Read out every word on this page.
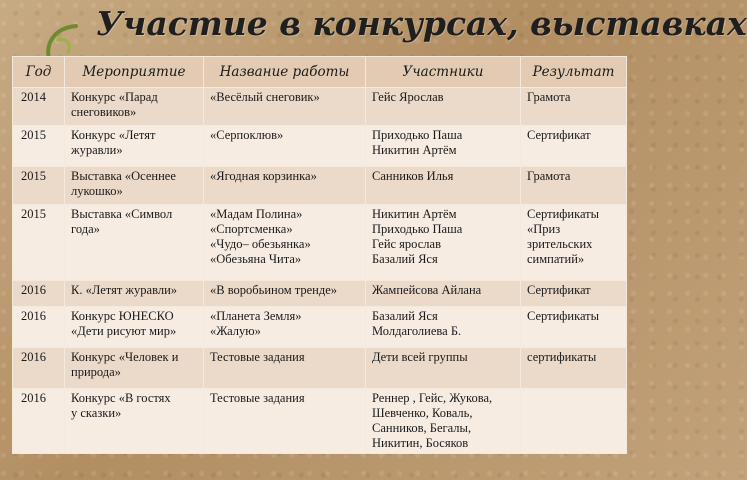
Участие в конкурсах, выставках
Год	Мероприятие	Название работы	Участники	Результат
2014	Конкурс «Парад
снеговиков»	«Весёлый снеговик»	Гейс Ярослав	Грамота

2015	Конкурс «Летят
журавли»	«Серпоклюв»	Приходько Паша
Никитин Артём	Сертификат

2015	Выставка «Осеннее
лукошко»	«Ягодная корзинка»	Санников Илья	Грамота

2015	Выставка «Символ
года»	«Мадам Полина»
«Спортсменка»
«Чудо– обезьянка»
«Обезьяна Чита»	Никитин Артём
Приходько Паша
Гейс ярослав
Базалий Яся	Сертификаты
«Приз
зрительских
симпатий»

2016	К. «Летят журавли»	«В воробьином тренде»	Жампейсова Айлана	Сертификат

2016	Конкурс ЮНЕСКО
«Дети рисуют мир»	«Планета Земля»
«Жалую»	Базалий Яся
Молдаголиева Б.	Сертификаты

2016	Конкурс «Человек и
природа»	Тестовые задания	Дети всей группы	сертификаты

2016	Конкурс «В гостях
у сказки»	Тестовые задания	Реннер , Гейс, Жукова,
Шевченко, Коваль,
Санников, Бегалы,
Никитин, Босяков	
